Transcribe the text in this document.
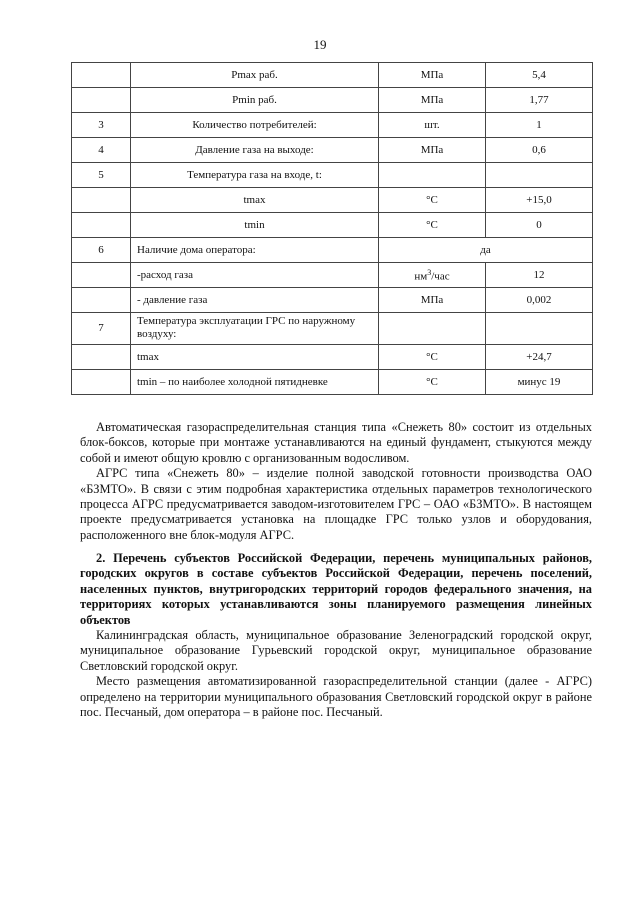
19
	Pmax раб.	МПа	5,4
	Pmin раб.	МПа	1,77
3	Количество потребителей:	шт.	1
4	Давление газа на выходе:	МПа	0,6
5	Температура газа на входе, t:		
	tmax	°С	+15,0
	tmin	°С	0
6	Наличие дома оператора:	да	
	-расход газа	$нм^3$/час	12
	- давление газа	МПа	0,002
7	Температура эксплуатации ГРС по наружному воздуху:		
	tmax	°С	+24,7
	tmin – по наиболее холодной пятидневке	°С	минус 19

Автоматическая газораспределительная станция типа «Снежеть 80» состоит из отдельных блок-боксов, которые при монтаже устанавливаются на единый фундамент, стыкуются между собой и имеют общую кровлю с организованным водосливом.

АГРС типа «Снежеть 80» – изделие полной заводской готовности производства ОАО «БЗМТО». В связи с этим подробная характеристика отдельных параметров технологического процесса АГРС предусматривается заводом-изготовителем ГРС – ОАО «БЗМТО». В настоящем проекте предусматривается установка на площадке ГРС только узлов и оборудования, расположенного вне блок-модуля АГРС.

2. Перечень субъектов Российской Федерации, перечень муниципальных районов, городских округов в составе субъектов Российской Федерации, перечень поселений, населенных пунктов, внутригородских территорий городов федерального значения, на территориях которых устанавливаются зоны планируемого размещения линейных объектов

Калининградская область, муниципальное образование Зеленоградский городской округ, муниципальное образование Гурьевский городской округ, муниципальное образование Светловский городской округ.

Место размещения автоматизированной газораспределительной станции (далее - АГРС) определено на территории муниципального образования Светловский городской округ в районе пос. Песчаный, дом оператора – в районе пос. Песчаный.
